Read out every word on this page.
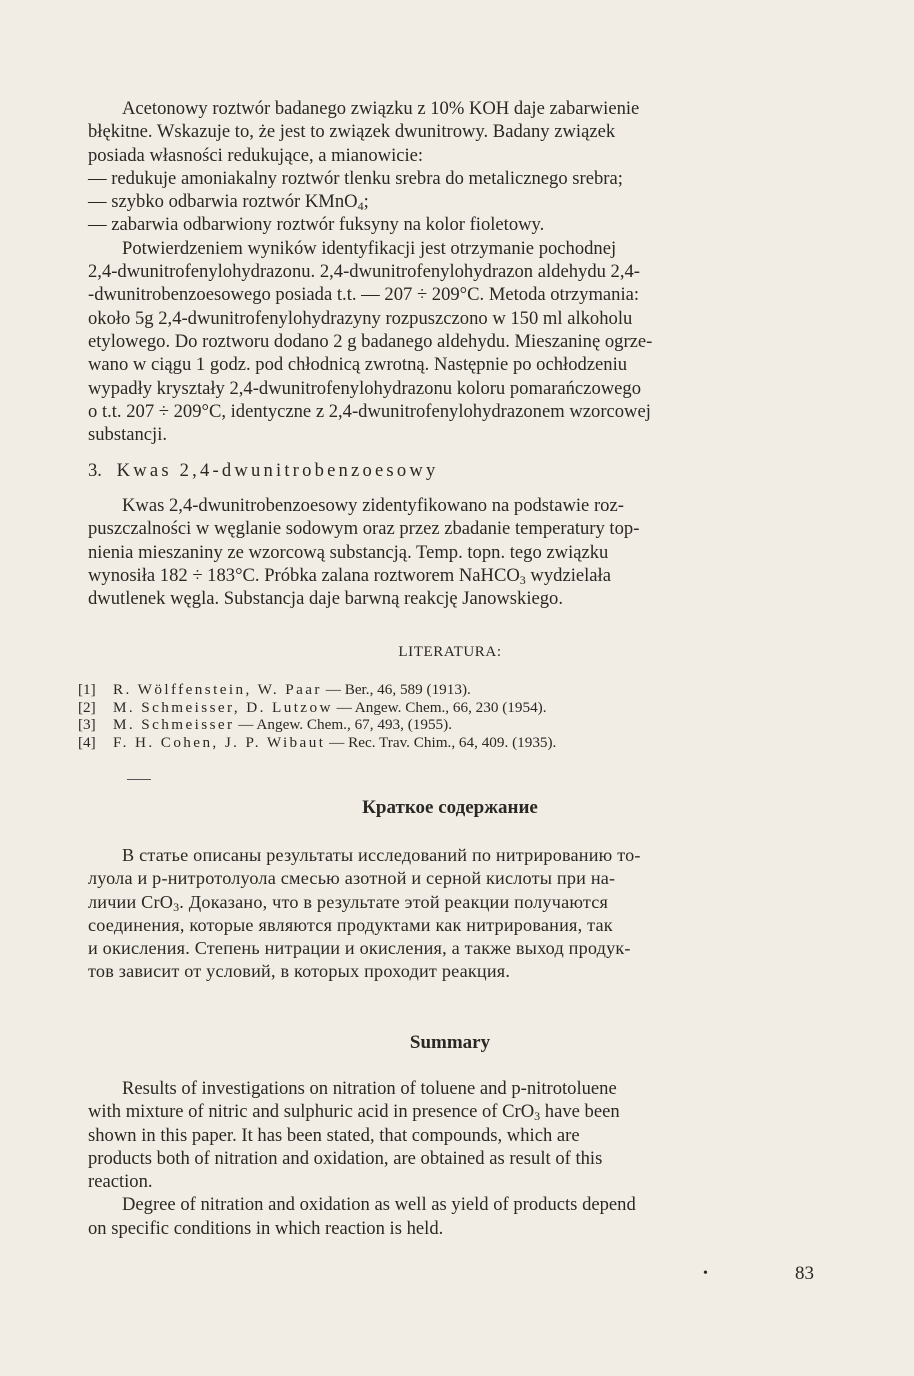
Acetonowy roztwór badanego związku z 10% KOH daje zabarwienie
błękitne. Wskazuje to, że jest to związek dwunitrowy. Badany związek
posiada własności redukujące, a mianowicie:

— redukuje amoniakalny roztwór tlenku srebra do metalicznego srebra;
— szybko odbarwia roztwór KMnO$_4$;
— zabarwia odbarwiony roztwór fuksyny na kolor fioletowy.

Potwierdzeniem wyników identyfikacji jest otrzymanie pochodnej
2,4-dwunitrofenylohydrazonu. 2,4-dwunitrofenylohydrazon aldehydu 2,4-
-dwunitrobenzoesowego posiada t.t. — 207 ÷ 209°C. Metoda otrzymania:
około 5g 2,4-dwunitrofenylohydrazyny rozpuszczono w 150 ml alkoholu
etylowego. Do roztworu dodano 2 g badanego aldehydu. Mieszaninę ogrze-
wano w ciągu 1 godz. pod chłodnicą zwrotną. Następnie po ochłodzeniu
wypadły kryształy 2,4-dwunitrofenylohydrazonu koloru pomarańczowego
o t.t. 207 ÷ 209°C, identyczne z 2,4-dwunitrofenylohydrazonem wzorcowej
substancji.

3. Kwas 2,4-dwunitrobenzoesowy

Kwas 2,4-dwunitrobenzoesowy zidentyfikowano na podstawie roz-
puszczalności w węglanie sodowym oraz przez zbadanie temperatury top-
nienia mieszaniny ze wzorcową substancją. Temp. topn. tego związku
wynosiła 182 ÷ 183°C. Próbka zalana roztworem NaHCO$_3$ wydzielała
dwutlenek węgla. Substancja daje barwną reakcję Janowskiego.

LITERATURA:
[1] R. Wölffenstein, W. Paar — Ber., 46, 589 (1913).
[2] M. Schmeisser, D. Lutzow — Angew. Chem., 66, 230 (1954).
[3] M. Schmeisser — Angew. Chem., 67, 493, (1955).
[4] F. H. Cohen, J. P. Wibaut — Rec. Trav. Chim., 64, 409. (1935).
Краткое содержание

В статье описаны результаты исследований по нитрированию то-
луола и p-нитротолуола смесью азотной и серной кислоты при на-
личии CrO$_3$. Доказано, что в результате этой реакции получаются
соединения, которые являются продуктами как нитрирования, так
и окисления. Степень нитрации и окисления, а также выход продук-
тов зависит от условий, в которых проходит реакция.

Summary

Results of investigations on nitration of toluene and p-nitrotoluene
with mixture of nitric and sulphuric acid in presence of CrO$_3$ have been
shown in this paper. It has been stated, that compounds, which are
products both of nitration and oxidation, are obtained as result of this
reaction.

Degree of nitration and oxidation as well as yield of products depend
on specific conditions in which reaction is held.

•	83
